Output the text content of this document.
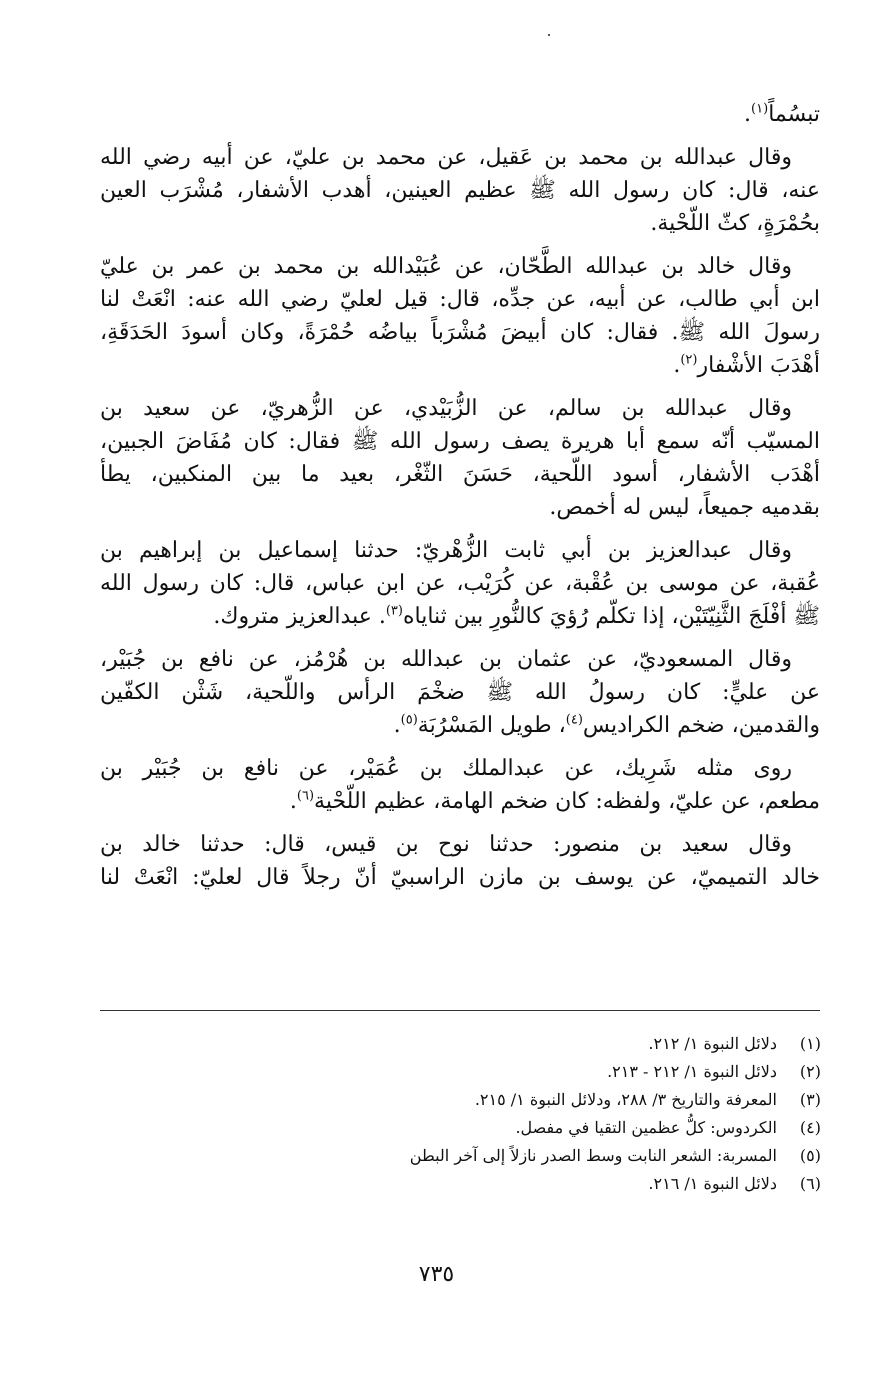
تبسُماً$^{(١)}$.
وقال عبدالله بن محمد بن عَقيل، عن محمد بن عليّ، عن أبيه رضي الله
عنه، قال: كان رسول الله ﷺ عظيم العينين، أهدب الأشفار، مُشْرَب العين
بحُمْرَةٍ، كثّ اللّحْية.
وقال خالد بن عبدالله الطَّحّان، عن عُبَيْدالله بن محمد بن عمر بن عليّ
ابن أبي طالب، عن أبيه، عن جدِّه، قال: قيل لعليّ رضي الله عنه: انْعَتْ لنا
رسولَ الله ﷺ. فقال: كان أبيضَ مُشْرَباً بياضُه حُمْرَةً، وكان أسودَ الحَدَقَةِ،
أهْدَبَ الأشْفار$^{(٢)}$.
وقال عبدالله بن سالم، عن الزُّبَيْدي، عن الزُّهريّ، عن سعيد بن
المسيّب أنّه سمع أبا هريرة يصف رسول الله ﷺ فقال: كان مُفَاضَ الجبين،
أهْدَب الأشفار، أسود اللّحية، حَسَنَ الثّغْر، بعيد ما بين المنكبين، يطأ
بقدميه جميعاً، ليس له أخمص.
وقال عبدالعزيز بن أبي ثابت الزُّهْريّ: حدثنا إسماعيل بن إبراهيم بن
عُقبة، عن موسى بن عُقْبة، عن كُرَيْب، عن ابن عباس، قال: كان رسول الله
ﷺ أفْلَجَ الثَّنِيّتَيْن، إذا تكلّم رُؤيَ كالنُّورِ بين ثناياه$^{(٣)}$. عبدالعزيز متروك.
وقال المسعوديّ، عن عثمان بن عبدالله بن هُرْمُز، عن نافع بن جُبَيْر،
عن عليٍّ: كان رسولُ الله ﷺ ضخْمَ الرأس واللّحية، شَثْن الكفّين
والقدمين، ضخم الكراديس$^{(٤)}$، طويل المَسْرُبَة$^{(٥)}$.
روى مثله شَرِيك، عن عبدالملك بن عُمَيْر، عن نافع بن جُبَيْر بن
مطعم، عن عليّ، ولفظه: كان ضخم الهامة، عظيم اللّحْية$^{(٦)}$.
وقال سعيد بن منصور: حدثنا نوح بن قيس، قال: حدثنا خالد بن
خالد التميميّ، عن يوسف بن مازن الراسبيّ أنّ رجلاً قال لعليّ: انْعَتْ لنا
(١)
دلائل النبوة ١/ ٢١٢.
(٢)
دلائل النبوة ١/ ٢١٢ - ٢١٣.
(٣)
المعرفة والتاريخ ٣/ ٢٨٨، ودلائل النبوة ١/ ٢١٥.
(٤)
الكردوس: كلُّ عظمين التقيا في مفصل.
(٥)
المسربة: الشعر النابت وسط الصدر نازلاً إلى آخر البطن
(٦)
دلائل النبوة ١/ ٢١٦.
٧٣٥
